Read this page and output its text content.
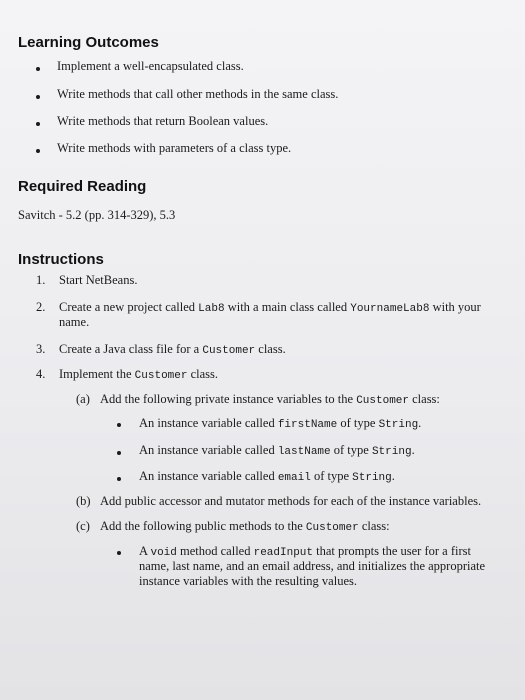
Learning Outcomes
Implement a well-encapsulated class.
Write methods that call other methods in the same class.
Write methods that return Boolean values.
Write methods with parameters of a class type.
Required Reading
Savitch - 5.2 (pp. 314-329), 5.3
Instructions
1. Start NetBeans.
2. Create a new project called Lab8 with a main class called YournameLab8 with your
name.
3. Create a Java class file for a Customer class.
4. Implement the Customer class.
(a) Add the following private instance variables to the Customer class:
An instance variable called firstName of type String.
An instance variable called lastName of type String.
An instance variable called email of type String.
(b) Add public accessor and mutator methods for each of the instance variables.
(c) Add the following public methods to the Customer class:
A void method called readInput that prompts the user for a first
name, last name, and an email address, and initializes the appropriate
instance variables with the resulting values.
